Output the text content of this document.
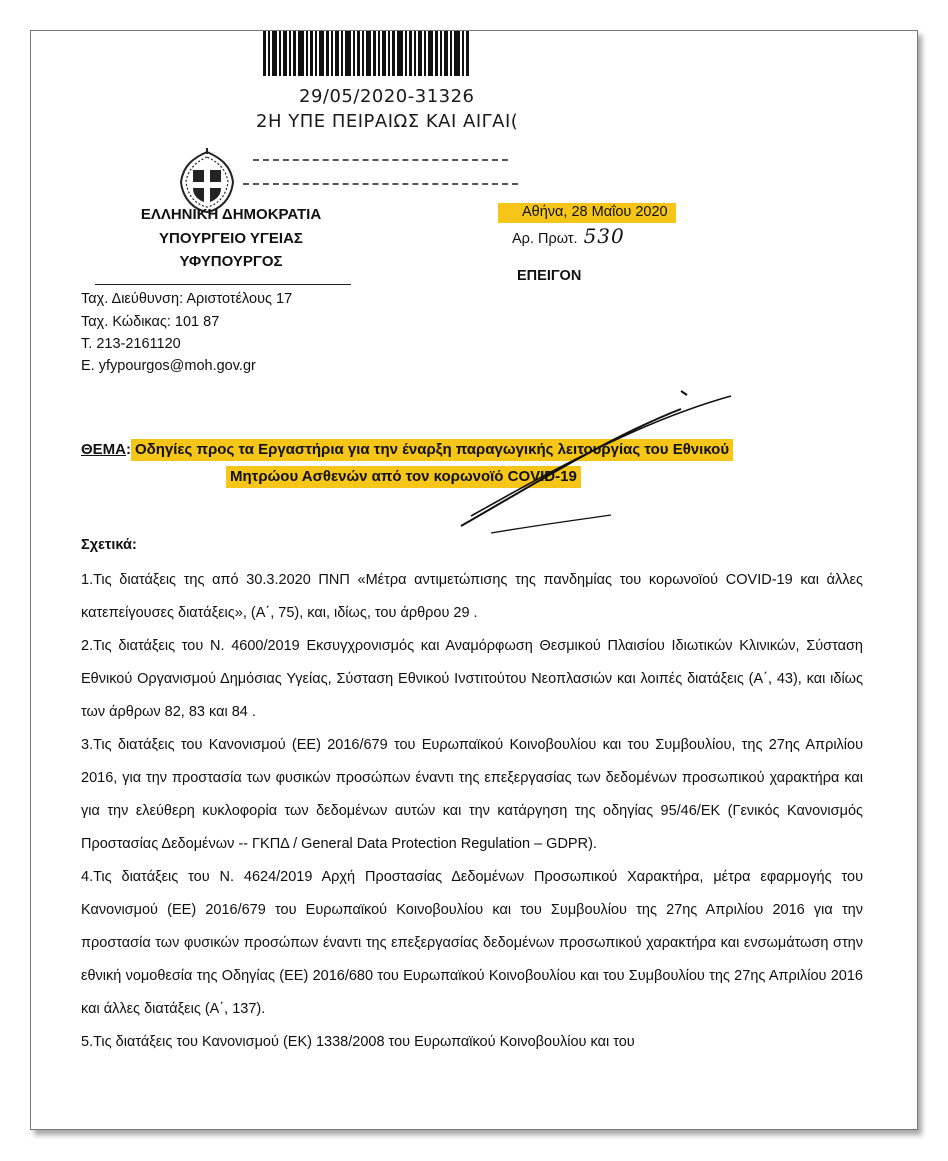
29/05/2020-31326
2Η ΥΠΕ ΠΕΙΡΑΙΩΣ ΚΑΙ ΑΙΓΑΙ(
ΕΛΛΗΝΙΚΗ ΔΗΜΟΚΡΑΤΙΑ
ΥΠΟΥΡΓΕΙΟ ΥΓΕΙΑΣ
ΥΦΥΠΟΥΡΓΟΣ
Αθήνα, 28 Μαΐου 2020
Αρ. Πρωτ. 530
ΕΠΕΙΓΟΝ
Ταχ. Διεύθυνση: Αριστοτέλους 17
Ταχ. Κώδικας: 101 87
Τ. 213-2161120
Ε. yfypourgos@moh.gov.gr
ΘΕΜΑ: Οδηγίες προς τα Εργαστήρια για την έναρξη παραγωγικής λειτουργίας του Εθνικού
Μητρώου Ασθενών από τον κορωνοϊό COVID-19
Σχετικά:

1.Τις διατάξεις της από 30.3.2020 ΠΝΠ «Μέτρα αντιμετώπισης της πανδημίας του κορωνοϊού COVID-19 και άλλες κατεπείγουσες διατάξεις», (Α΄, 75), και, ιδίως, του άρθρου 29 .

2.Τις διατάξεις του Ν. 4600/2019 Εκσυγχρονισμός και Αναμόρφωση Θεσμικού Πλαισίου Ιδιωτικών Κλινικών, Σύσταση Εθνικού Οργανισμού Δημόσιας Υγείας, Σύσταση Εθνικού Ινστιτούτου Νεοπλασιών και λοιπές διατάξεις (Α΄, 43), και ιδίως των άρθρων 82, 83 και 84 .

3.Τις διατάξεις του Κανονισμού (ΕΕ) 2016/679 του Ευρωπαϊκού Κοινοβουλίου και του Συμβουλίου, της 27ης Απριλίου 2016, για την προστασία των φυσικών προσώπων έναντι της επεξεργασίας των δεδομένων προσωπικού χαρακτήρα και για την ελεύθερη κυκλοφορία των δεδομένων αυτών και την κατάργηση της οδηγίας 95/46/ΕΚ (Γενικός Κανονισμός Προστασίας Δεδομένων -- ΓΚΠΔ / General Data Protection Regulation – GDPR).

4.Τις διατάξεις του Ν. 4624/2019 Αρχή Προστασίας Δεδομένων Προσωπικού Χαρακτήρα, μέτρα εφαρμογής του Κανονισμού (ΕΕ) 2016/679 του Ευρωπαϊκού Κοινοβουλίου και του Συμβουλίου της 27ης Απριλίου 2016 για την προστασία των φυσικών προσώπων έναντι της επεξεργασίας δεδομένων προσωπικού χαρακτήρα και ενσωμάτωση στην εθνική νομοθεσία της Οδηγίας (ΕΕ) 2016/680 του Ευρωπαϊκού Κοινοβουλίου και του Συμβουλίου της 27ης Απριλίου 2016 και άλλες διατάξεις (Α΄, 137).

5.Τις διατάξεις του Κανονισμού (ΕΚ) 1338/2008 του Ευρωπαϊκού Κοινοβουλίου και του
